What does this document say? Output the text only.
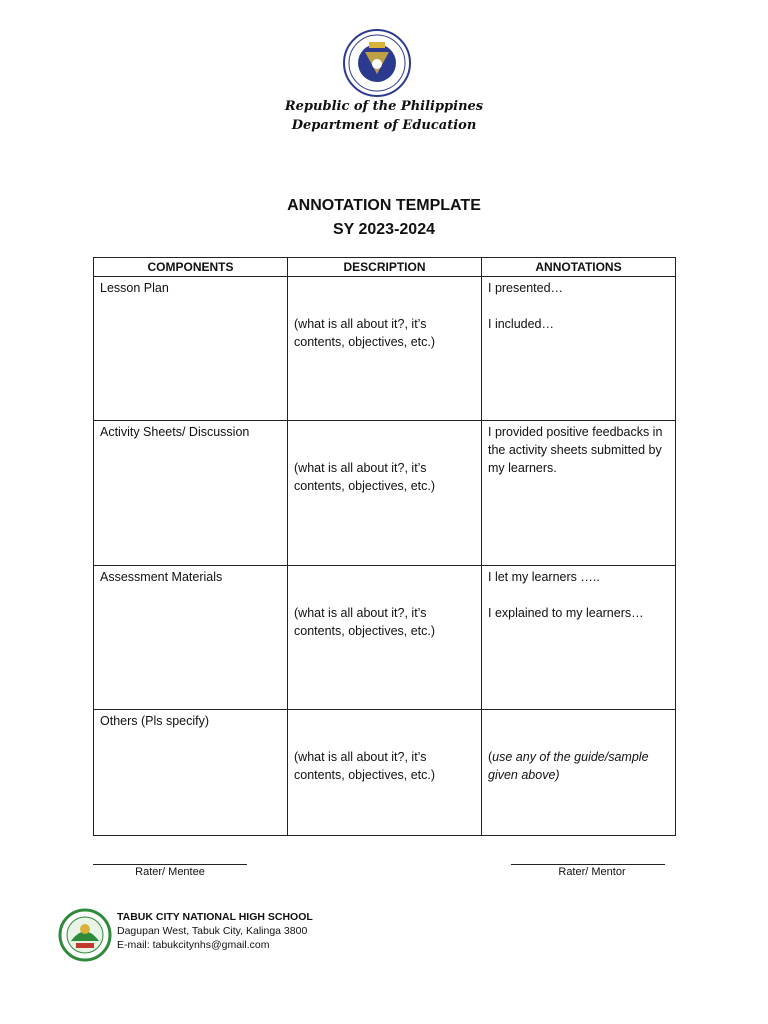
Republic of the Philippines
Department of Education
ANNOTATION TEMPLATE
SY 2023-2024
COMPONENTS	DESCRIPTION	ANNOTATIONS
Lesson Plan	(what is all about it?, it’s contents, objectives, etc.)	I presented…
I included…

Activity Sheets/ Discussion	(what is all about it?, it’s contents, objectives, etc.)	I provided positive feedbacks in the activity sheets submitted by my learners.

Assessment Materials	(what is all about it?, it’s contents, objectives, etc.)	I let my learners …..
I explained to my learners…

Others (Pls specify)	(what is all about it?, it’s contents, objectives, etc.)	(use any of the guide/sample given above)
Rater/ Mentee	Rater/ Mentor
TABUK CITY NATIONAL HIGH SCHOOL
Dagupan West, Tabuk City, Kalinga 3800
E-mail: tabukcitynhs@gmail.com
